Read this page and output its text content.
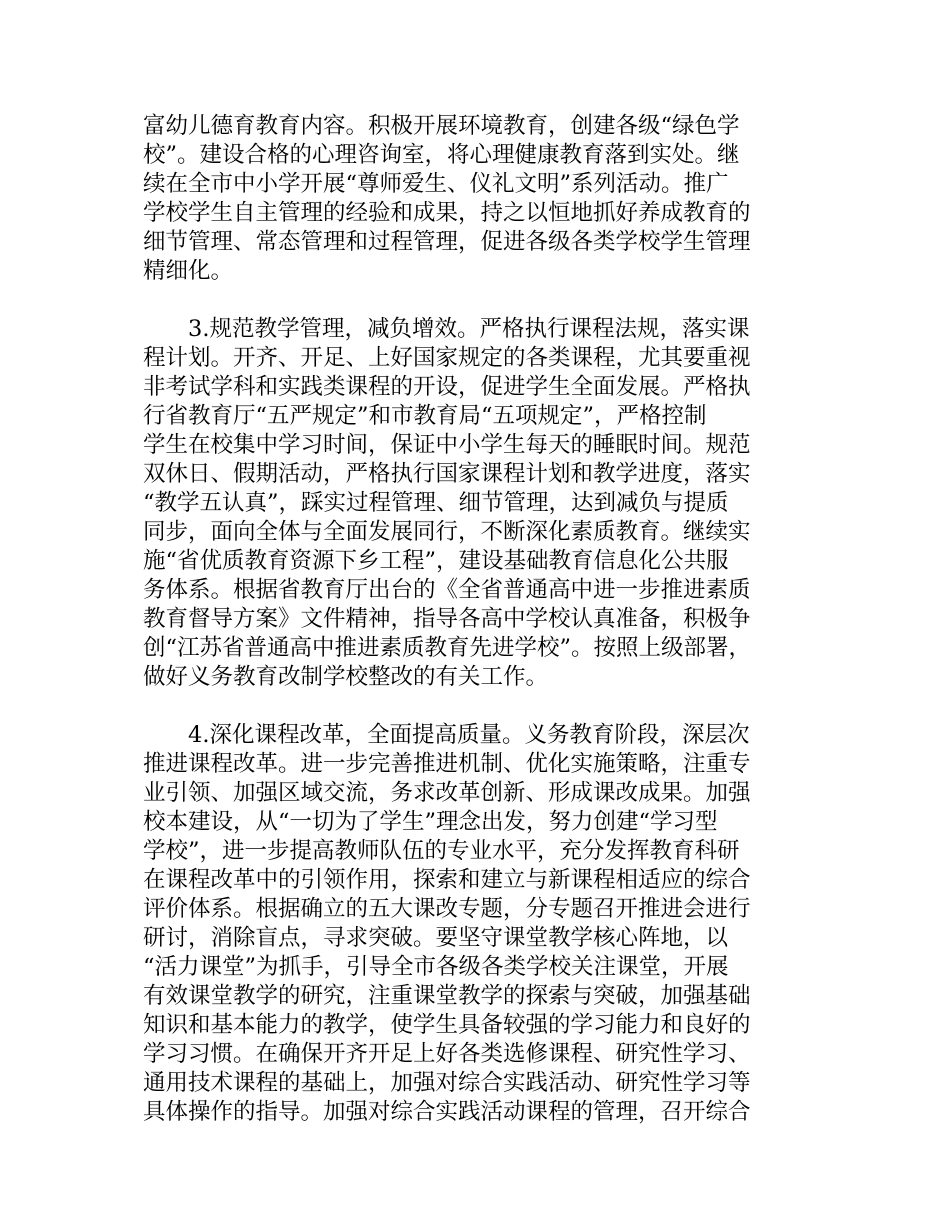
富幼儿德育教育内容。积极开展环境教育，创建各级“绿色学
校”。建设合格的心理咨询室，将心理健康教育落到实处。继
续在全市中小学开展“尊师爱生、仪礼文明”系列活动。推广
学校学生自主管理的经验和成果，持之以恒地抓好养成教育的
细节管理、常态管理和过程管理，促进各级各类学校学生管理
精细化。
3.规范教学管理，减负增效。严格执行课程法规，落实课
程计划。开齐、开足、上好国家规定的各类课程，尤其要重视
非考试学科和实践类课程的开设，促进学生全面发展。严格执
行省教育厅“五严规定”和市教育局“五项规定”，严格控制
学生在校集中学习时间，保证中小学生每天的睡眠时间。规范
双休日、假期活动，严格执行国家课程计划和教学进度，落实
“教学五认真”，踩实过程管理、细节管理，达到减负与提质
同步，面向全体与全面发展同行，不断深化素质教育。继续实
施“省优质教育资源下乡工程”，建设基础教育信息化公共服
务体系。根据省教育厅出台的《全省普通高中进一步推进素质
教育督导方案》文件精神，指导各高中学校认真准备，积极争
创“江苏省普通高中推进素质教育先进学校”。按照上级部署，
做好义务教育改制学校整改的有关工作。
4.深化课程改革，全面提高质量。义务教育阶段，深层次
推进课程改革。进一步完善推进机制、优化实施策略，注重专
业引领、加强区域交流，务求改革创新、形成课改成果。加强
校本建设，从“一切为了学生”理念出发，努力创建“学习型
学校”，进一步提高教师队伍的专业水平，充分发挥教育科研
在课程改革中的引领作用，探索和建立与新课程相适应的综合
评价体系。根据确立的五大课改专题，分专题召开推进会进行
研讨，消除盲点，寻求突破。要坚守课堂教学核心阵地，以
“活力课堂”为抓手，引导全市各级各类学校关注课堂，开展
有效课堂教学的研究，注重课堂教学的探索与突破，加强基础
知识和基本能力的教学，使学生具备较强的学习能力和良好的
学习习惯。在确保开齐开足上好各类选修课程、研究性学习、
通用技术课程的基础上，加强对综合实践活动、研究性学习等
具体操作的指导。加强对综合实践活动课程的管理，召开综合
